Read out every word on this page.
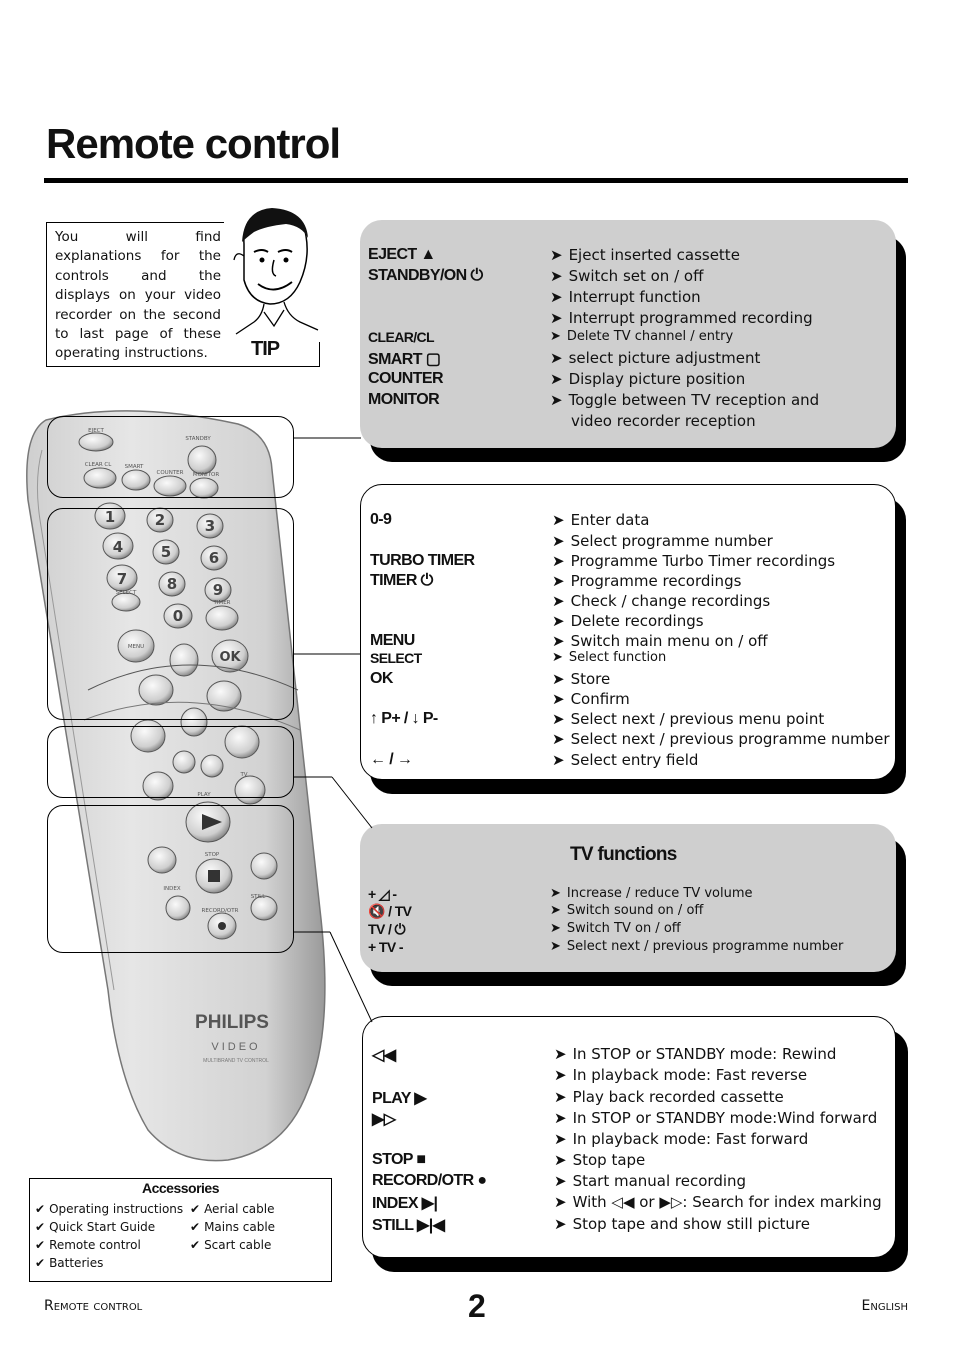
Remote control
You will find explanations for the controls and the displays on your video recorder on the second to last page of these operating instructions.	TIP
EJECT ▲	➤ Eject inserted cassette
STANDBY/ON ⏻	➤ Switch set on / off
➤ Interrupt function
➤ Interrupt programmed recording
CLEAR/CL	➤ Delete TV channel / entry
SMART ▢	➤ select picture adjustment
COUNTER	➤ Display picture position
MONITOR	➤ Toggle between TV reception and
video recorder reception
0-9	➤ Enter data
➤ Select programme number
TURBO TIMER	➤ Programme Turbo Timer recordings
TIMER ⏻	➤ Programme recordings
➤ Check / change recordings
➤ Delete recordings
MENU	➤ Switch main menu on / off
SELECT	➤ Select function
OK	➤ Store
➤ Confirm
↑ P+ / ↓ P-	➤ Select next / previous menu point
➤ Select next / previous programme number
← / →	➤ Select entry field
TV functions
+ ◿ -	➤ Increase / reduce TV volume
🔇 / TV	➤ Switch sound on / off
TV / ⏻	➤ Switch TV on / off
+ TV -	➤ Select next / previous programme number
◁◀	➤ In STOP or STANDBY mode: Rewind
➤ In playback mode: Fast reverse
PLAY ▶	➤ Play back recorded cassette
▶▷	➤ In STOP or STANDBY mode:Wind forward
➤ In playback mode: Fast forward
STOP ■	➤ Stop tape
RECORD/OTR ●	➤ Start manual recording
INDEX ▶|	➤ With ◁◀ or ▶▷: Search for index marking
STILL ▶|◀	➤ Stop tape and show still picture
1	2	3
4	5	6
7	8 9
0
OK
EJECT
STANDBY
CLEAR CL SMART
COUNTER MONITOR
SELECT
TIMER
MENU
TV
PLAY
STOP
INDEX
RECORD/OTR
STILL
PHILIPS
VIDEO
MULTIBRAND TV CONTROL
Accessories
✔ Operating instructions
✔ Quick Start Guide
✔ Remote control
✔ Batteries
✔ Aerial cable
✔ Mains cable
✔ Scart cable
Remote control	2	English
